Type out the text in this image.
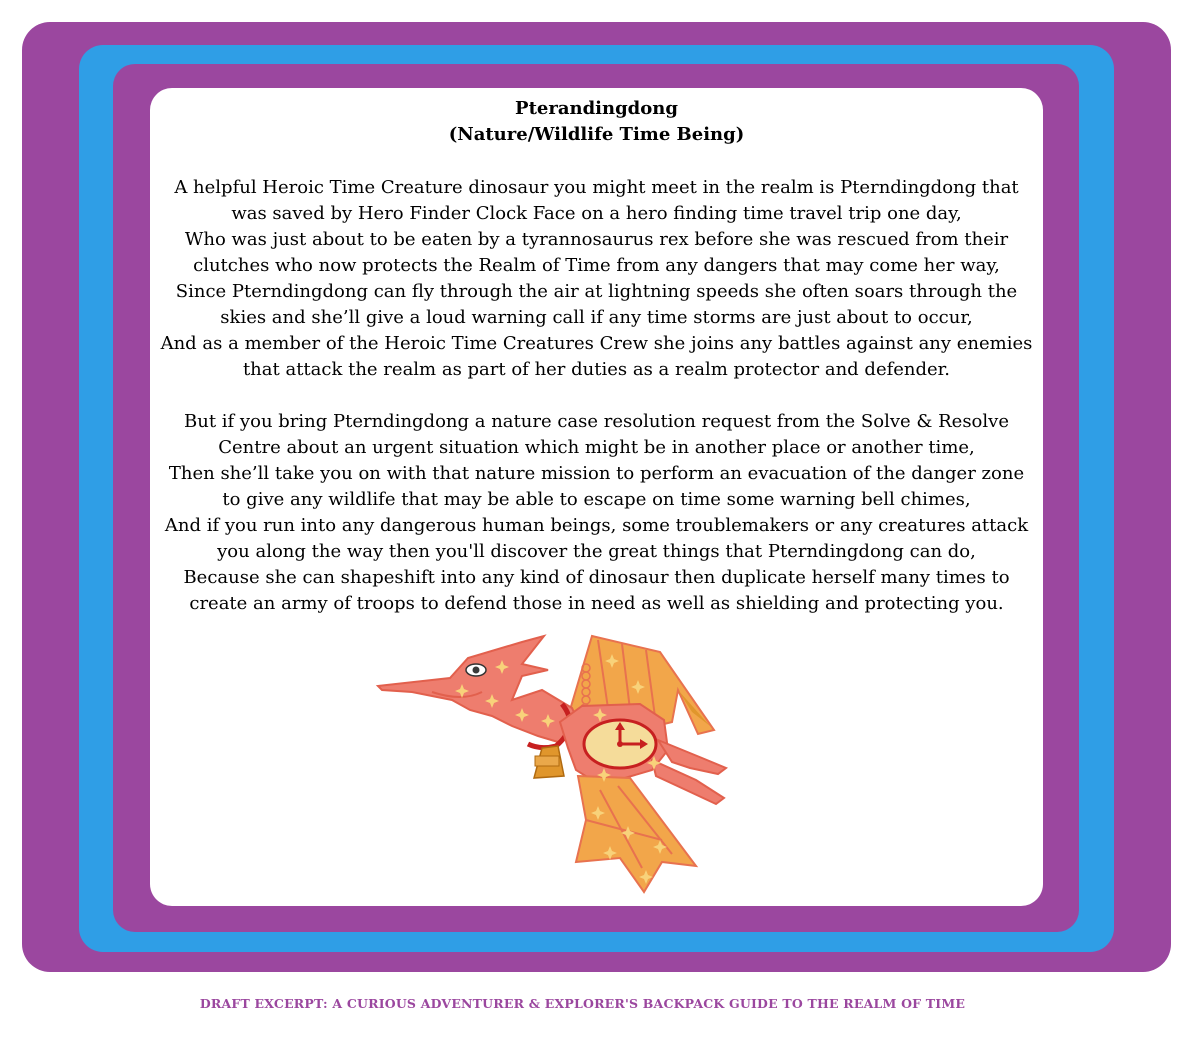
Pterandingdong
(Nature/Wildlife Time Being)
A helpful Heroic Time Creature dinosaur you might meet in the realm is Pterndingdong that
was saved by Hero Finder Clock Face on a hero finding time travel trip one day,
Who was just about to be eaten by a tyrannosaurus rex before she was rescued from their
clutches who now protects the Realm of Time from any dangers that may come her way,
Since Pterndingdong can fly through the air at lightning speeds she often soars through the
skies and she’ll give a loud warning call if any time storms are just about to occur,
And as a member of the Heroic Time Creatures Crew she joins any battles against any enemies
that attack the realm as part of her duties as a realm protector and defender.
But if you bring Pterndingdong a nature case resolution request from the Solve & Resolve
Centre about an urgent situation which might be in another place or another time,
Then she’ll take you on with that nature mission to perform an evacuation of the danger zone
to give any wildlife that may be able to escape on time some warning bell chimes,
And if you run into any dangerous human beings, some troublemakers or any creatures attack
you along the way then you'll discover the great things that Pterndingdong can do,
Because she can shapeshift into any kind of dinosaur then duplicate herself many times to
create an army of troops to defend those in need as well as shielding and protecting you.
DRAFT EXCERPT: A CURIOUS ADVENTURER & EXPLORER'S BACKPACK GUIDE TO THE REALM OF TIME
